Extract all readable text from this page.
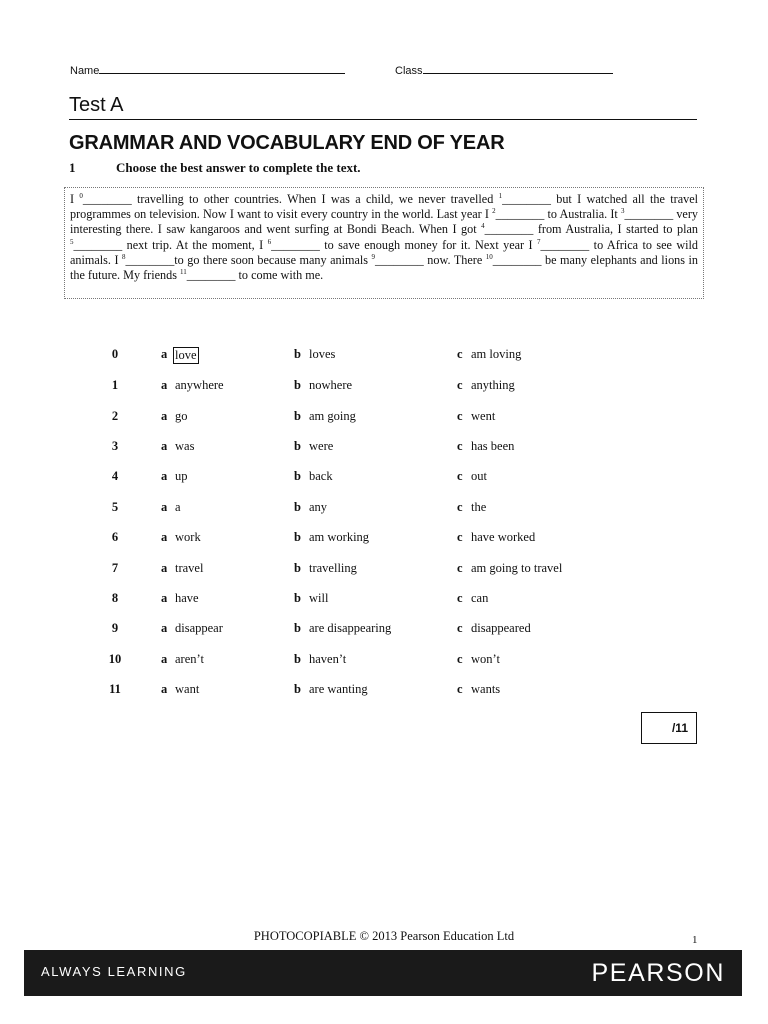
Name	Class
Test A
GRAMMAR AND VOCABULARY END OF YEAR
1	Choose the best answer to complete the text.
I $^0$________ travelling to other countries. When I was a child, we never travelled $^1$________ but I watched all the travel programmes on television. Now I want to visit every country in the world. Last year I $^2$________ to Australia. It $^3$________ very interesting there. I saw kangaroos and went surfing at Bondi Beach. When I got $^4$________ from Australia, I started to plan $^5$________ next trip. At the moment, I $^6$________ to save enough money for it. Next year I $^7$________ to Africa to see wild animals. I $^8$________to go there soon because many animals $^9$________ now. There $^{10}$________ be many elephants and lions in the future. My friends $^{11}$________ to come with me.
0	a love	b loves	c am loving
1	a anywhere	b nowhere	c anything
2	a go	b am going	c went
3	a was	b were	c has been
4	a up	b back	c out
5	a a	b any	c the
6	a work	b am working	c have worked
7	a travel	b travelling	c am going to travel
8	a have	b will	c can
9	a disappear	b are disappearing	c disappeared
10	a aren’t	b haven’t	c won’t
11	a want	b are wanting	c wants
/11
PHOTOCOPIABLE © 2013 Pearson Education Ltd	1
ALWAYS LEARNING	PEARSON
